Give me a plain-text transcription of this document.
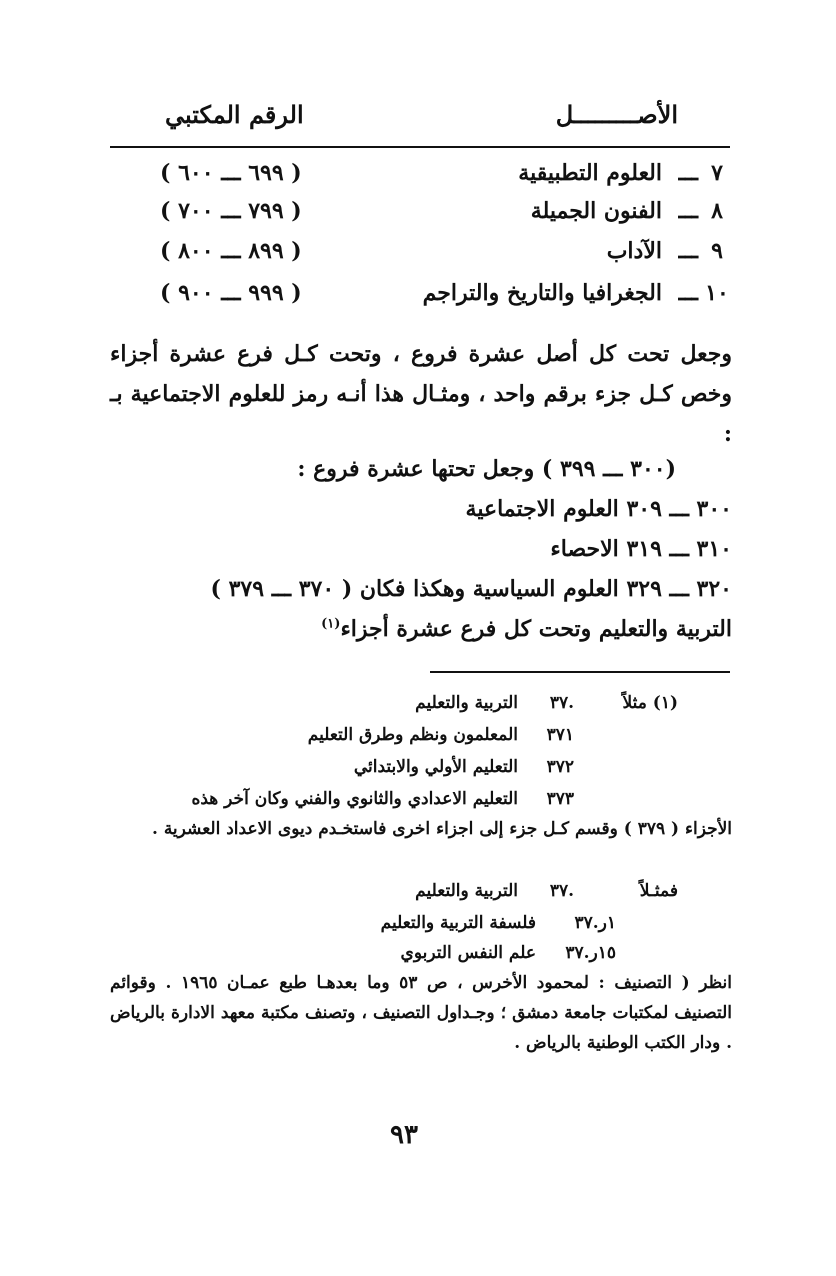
الأصـــــــــل
الرقم المكتبي
٧
ـــ
العلوم التطبيقية
( ٦٩٩ ـــ ٦٠٠ )
٨
ـــ
الفنون الجميلة
( ٧٩٩ ـــ ٧٠٠ )
٩
ـــ
الآداب
( ٨٩٩ ـــ ٨٠٠ )
١٠
ـــ
الجغرافيا والتاريخ والتراجم
( ٩٩٩ ـــ ٩٠٠ )
وجعل تحت كل أصل عشرة فروع ، وتحت كـل فرع عشرة أجزاء وخص كـل جزء برقم واحد ، ومثـال هذا أنـه رمز للعلوم الاجتماعية بـ :
(٣٠٠ ـــ ٣٩٩ ) وجعل تحتها عشرة فروع :
٣٠٠ ـــ ٣٠٩ العلوم الاجتماعية
٣١٠ ـــ ٣١٩ الاحصاء
٣٢٠ ـــ ٣٢٩ العلوم السياسية وهكذا فكان ( ٣٧٠ ـــ ٣٧٩ )
التربية والتعليم وتحت كل فرع عشرة أجزاء$^{(١)}$
(١) مثلاً
.٣٧
التربية والتعليم
٣٧١
المعلمون ونظم وطرق التعليم
٣٧٢
التعليم الأولي والابتدائي
٣٧٣
التعليم الاعدادي والثانوي والفني وكان آخر هذه
الأجزاء ( ٣٧٩ ) وقسم كـل جزء إلى اجزاء اخرى فاستخـدم ديوى الاعداد العشرية .
فمثـلاً
.٣٧
التربية والتعليم
١ر.٣٧
فلسفة التربية والتعليم
١٥ر.٣٧
علم النفس التربوي
انظر ( التصنيف : لمحمود الأخرس ، ص ٥٣ وما بعدهـا طبع عمـان ١٩٦٥ . وقوائم التصنيف لمكتبات جامعة دمشق ؛ وجـداول التصنيف ، وتصنف مكتبة معهد الادارة بالرياض . ودار الكتب الوطنية بالرياض .
٩٣
